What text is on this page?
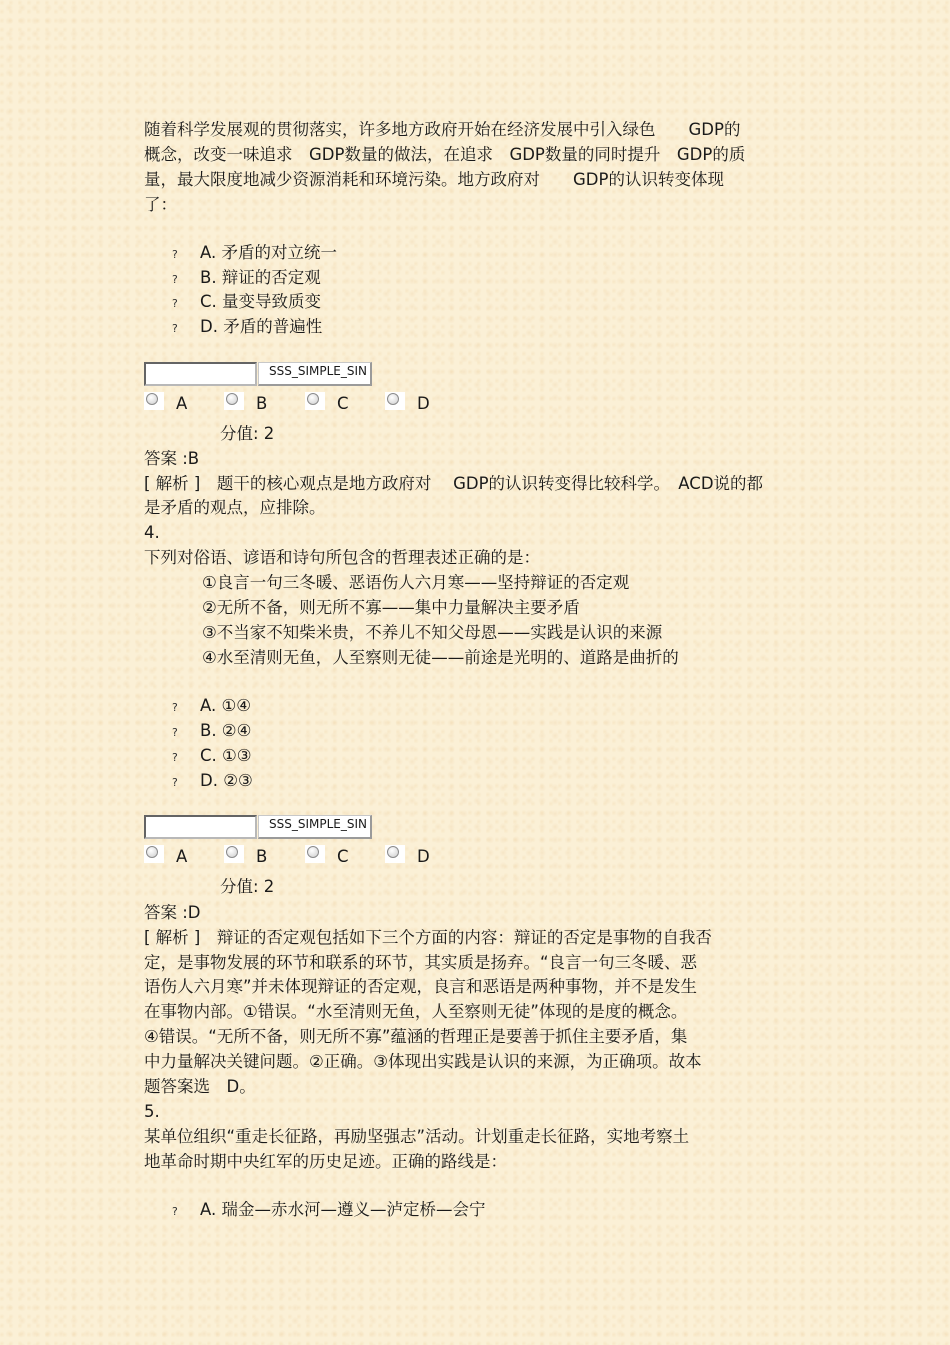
随着科学发展观的贯彻落实，许多地方政府开始在经济发展中引入绿色　　GDP的
概念，改变一味追求　GDP数量的做法，在追求　GDP数量的同时提升　GDP的质
量，最大限度地减少资源消耗和环境污染。地方政府对　　GDP的认识转变体现
了：
? A. 矛盾的对立统一
? B. 辩证的否定观
? C. 量变导致质变
? D. 矛盾的普遍性
SSS_SIMPLE_SIN
A	B	C	D
分值: 2
答案 :B
[ 解析 ]　题干的核心观点是地方政府对　 GDP的认识转变得比较科学。　ACD说的都
是矛盾的观点，应排除。
4.
下列对俗语、谚语和诗句所包含的哲理表述正确的是：
①良言一句三冬暖、恶语伤人六月寒——坚持辩证的否定观
②无所不备，则无所不寡——集中力量解决主要矛盾
③不当家不知柴米贵，不养儿不知父母恩——实践是认识的来源
④水至清则无鱼，人至察则无徒——前途是光明的、道路是曲折的
? A. ①④
? B. ②④
? C. ①③
? D. ②③
SSS_SIMPLE_SIN
A	B	C	D
分值: 2
答案 :D
[ 解析 ]　辩证的否定观包括如下三个方面的内容：辩证的否定是事物的自我否
定，是事物发展的环节和联系的环节，其实质是扬弃。“良言一句三冬暖、恶
语伤人六月寒”并未体现辩证的否定观，良言和恶语是两种事物，并不是发生
在事物内部。①错误。“水至清则无鱼，人至察则无徒”体现的是度的概念。
④错误。“无所不备，则无所不寡”蕴涵的哲理正是要善于抓住主要矛盾，集
中力量解决关键问题。②正确。③体现出实践是认识的来源，为正确项。故本
题答案选　D。
5.
某单位组织“重走长征路，再励坚强志”活动。计划重走长征路，实地考察土
地革命时期中央红军的历史足迹。正确的路线是：
? A. 瑞金—赤水河—遵义—泸定桥—会宁
